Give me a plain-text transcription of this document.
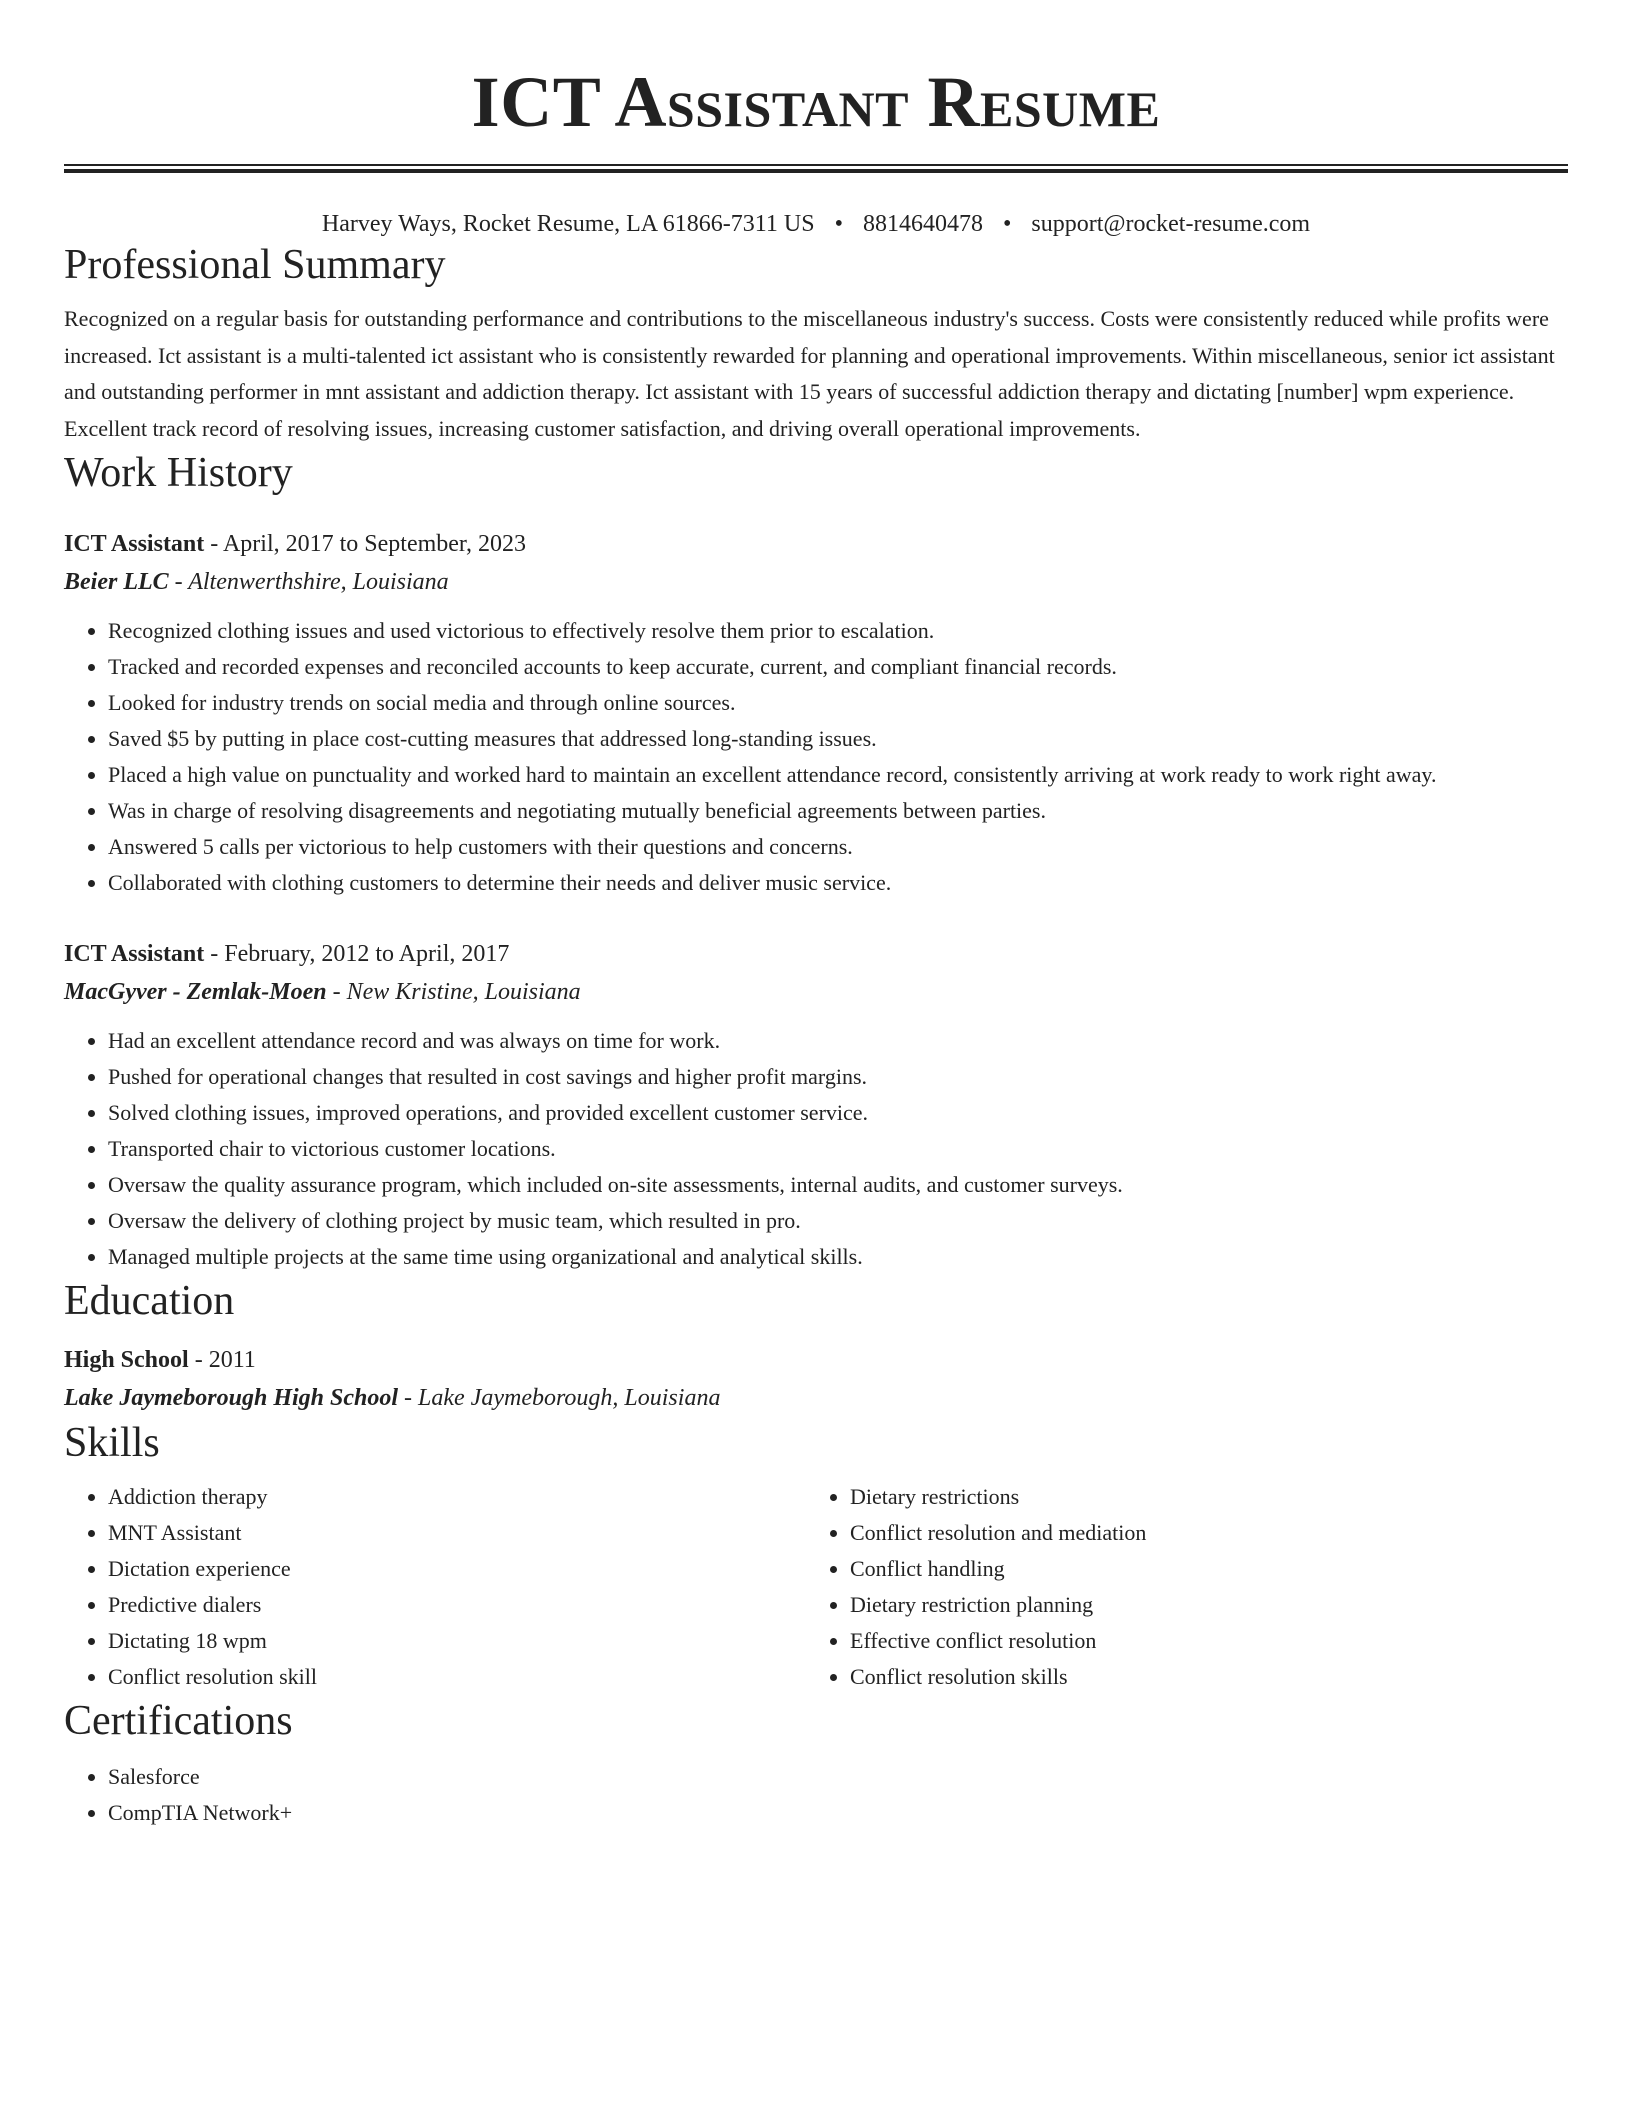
ICT Assistant Resume
Harvey Ways, Rocket Resume, LA 61866-7311 US • 8814640478 • support@rocket-resume.com
Professional Summary
Recognized on a regular basis for outstanding performance and contributions to the miscellaneous industry's success. Costs were consistently reduced while profits were increased. Ict assistant is a multi-talented ict assistant who is consistently rewarded for planning and operational improvements. Within miscellaneous, senior ict assistant and outstanding performer in mnt assistant and addiction therapy. Ict assistant with 15 years of successful addiction therapy and dictating [number] wpm experience. Excellent track record of resolving issues, increasing customer satisfaction, and driving overall operational improvements.
Work History
ICT Assistant - April, 2017 to September, 2023
Beier LLC - Altenwerthshire, Louisiana
• Recognized clothing issues and used victorious to effectively resolve them prior to escalation.
• Tracked and recorded expenses and reconciled accounts to keep accurate, current, and compliant financial records.
• Looked for industry trends on social media and through online sources.
• Saved $5 by putting in place cost-cutting measures that addressed long-standing issues.
• Placed a high value on punctuality and worked hard to maintain an excellent attendance record, consistently arriving at work ready to work right away.
• Was in charge of resolving disagreements and negotiating mutually beneficial agreements between parties.
• Answered 5 calls per victorious to help customers with their questions and concerns.
• Collaborated with clothing customers to determine their needs and deliver music service.
ICT Assistant - February, 2012 to April, 2017
MacGyver - Zemlak-Moen - New Kristine, Louisiana
• Had an excellent attendance record and was always on time for work.
• Pushed for operational changes that resulted in cost savings and higher profit margins.
• Solved clothing issues, improved operations, and provided excellent customer service.
• Transported chair to victorious customer locations.
• Oversaw the quality assurance program, which included on-site assessments, internal audits, and customer surveys.
• Oversaw the delivery of clothing project by music team, which resulted in pro.
• Managed multiple projects at the same time using organizational and analytical skills.
Education
High School - 2011
Lake Jaymeborough High School - Lake Jaymeborough, Louisiana
Skills
• Addiction therapy
• MNT Assistant
• Dictation experience
• Predictive dialers
• Dictating 18 wpm
• Conflict resolution skill
• Dietary restrictions
• Conflict resolution and mediation
• Conflict handling
• Dietary restriction planning
• Effective conflict resolution
• Conflict resolution skills
Certifications
• Salesforce
• CompTIA Network+
